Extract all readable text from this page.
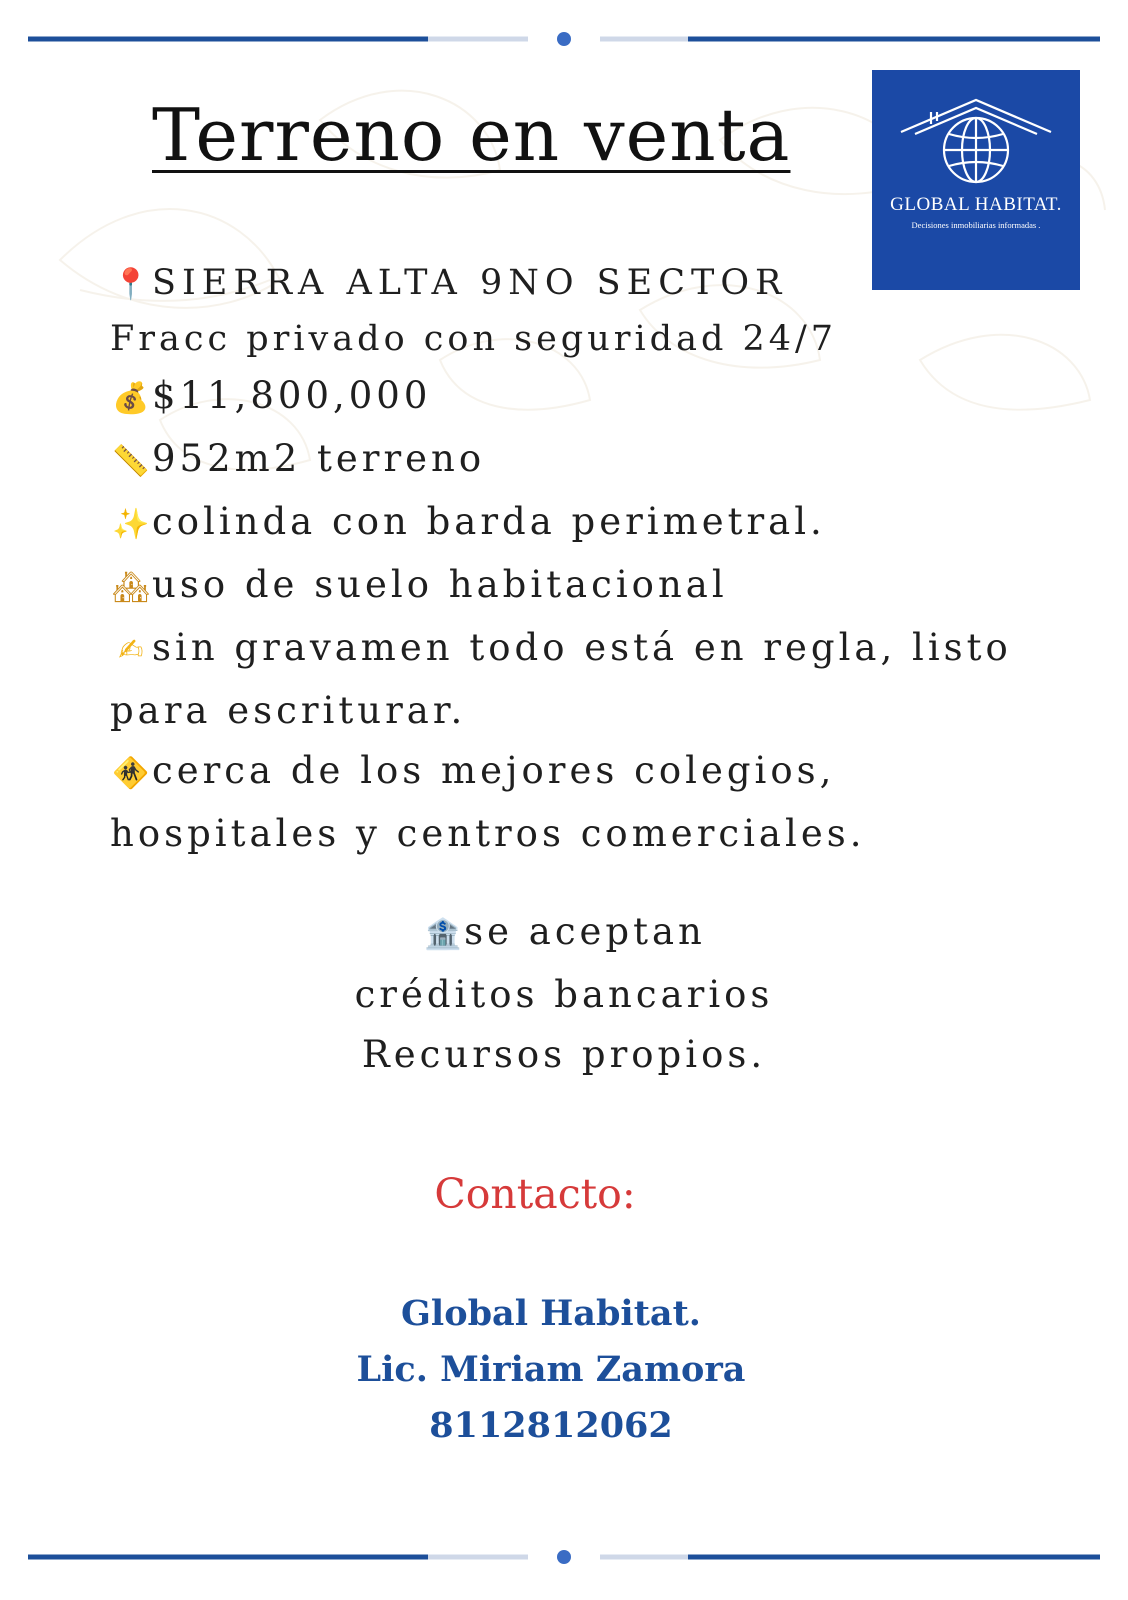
Terreno en venta
GLOBAL HABITAT.
Decisiones inmobiliarias informadas .
📍SIERRA ALTA 9NO SECTOR
Fracc privado con seguridad 24/7
💰$11,800,000
📏952m2 terreno
✨colinda con barda perimetral.
🏘uso de suelo habitacional
✍ sin gravamen todo está en regla, listo
para escriturar.
🚸cerca de los mejores colegios,
hospitales y centros comerciales.
🏦se aceptan
créditos bancarios
Recursos propios.
Contacto:
Global Habitat.
Lic. Miriam Zamora
8112812062
